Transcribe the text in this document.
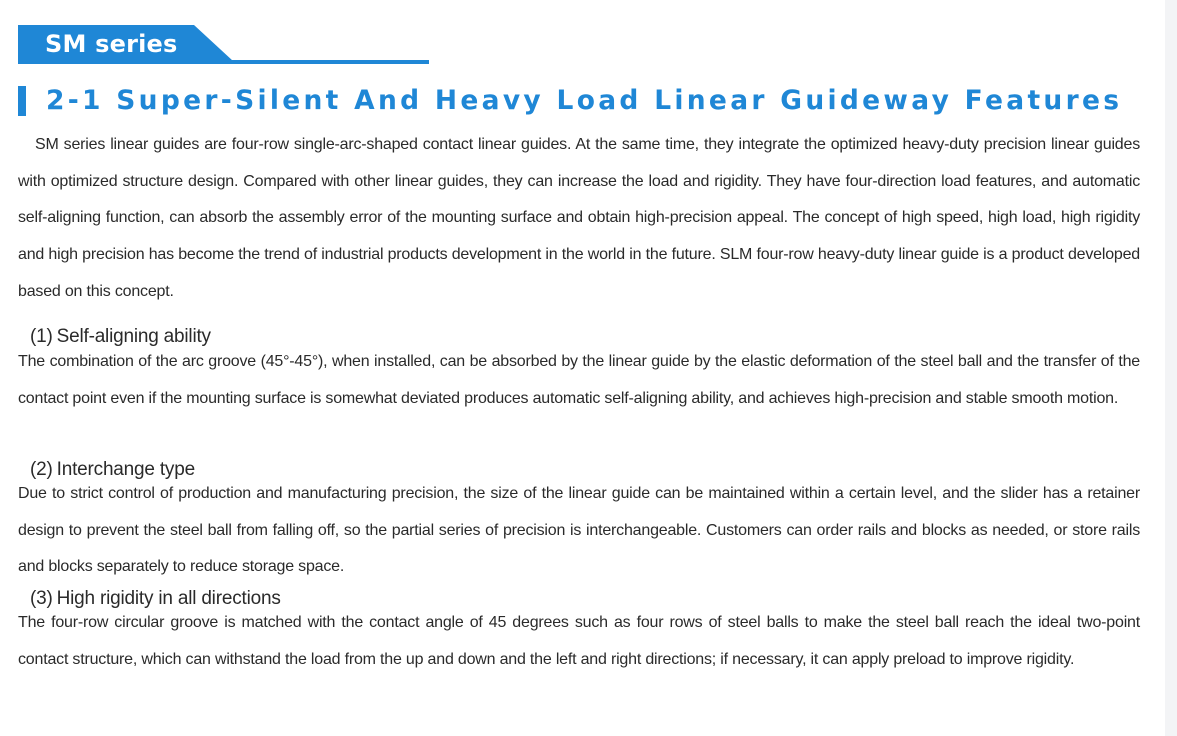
SM series
2-1 Super-Silent And Heavy Load Linear Guideway Features

SM series linear guides are four-row single-arc-shaped contact linear guides. At the same time, they integrate the optimized heavy-duty precision linear guides with optimized structure design. Compared with other linear guides, they can increase the load and rigidity. They have four-direction load features, and automatic self-aligning function, can absorb the assembly error of the mounting surface and obtain high-precision appeal. The concept of high speed, high load, high rigidity and high precision has become the trend of industrial products development in the world in the future. SLM four-row heavy-duty linear guide is a product developed based on this concept.

(1) Self-aligning ability

The combination of the arc groove (45°-45°), when installed, can be absorbed by the linear guide by the elastic deformation of the steel ball and the transfer of the contact point even if the mounting surface is somewhat deviated produces automatic self-aligning ability, and achieves high-precision and stable smooth motion.

(2) Interchange type

Due to strict control of production and manufacturing precision, the size of the linear guide can be maintained within a certain level, and the slider has a retainer design to prevent the steel ball from falling off, so the partial series of precision is interchangeable. Customers can order rails and blocks as needed, or store rails and blocks separately to reduce storage space.

(3) High rigidity in all directions

The four-row circular groove is matched with the contact angle of 45 degrees such as four rows of steel balls to make the steel ball reach the ideal two-point contact structure, which can withstand the load from the up and down and the left and right directions; if necessary, it can apply preload to improve rigidity.
